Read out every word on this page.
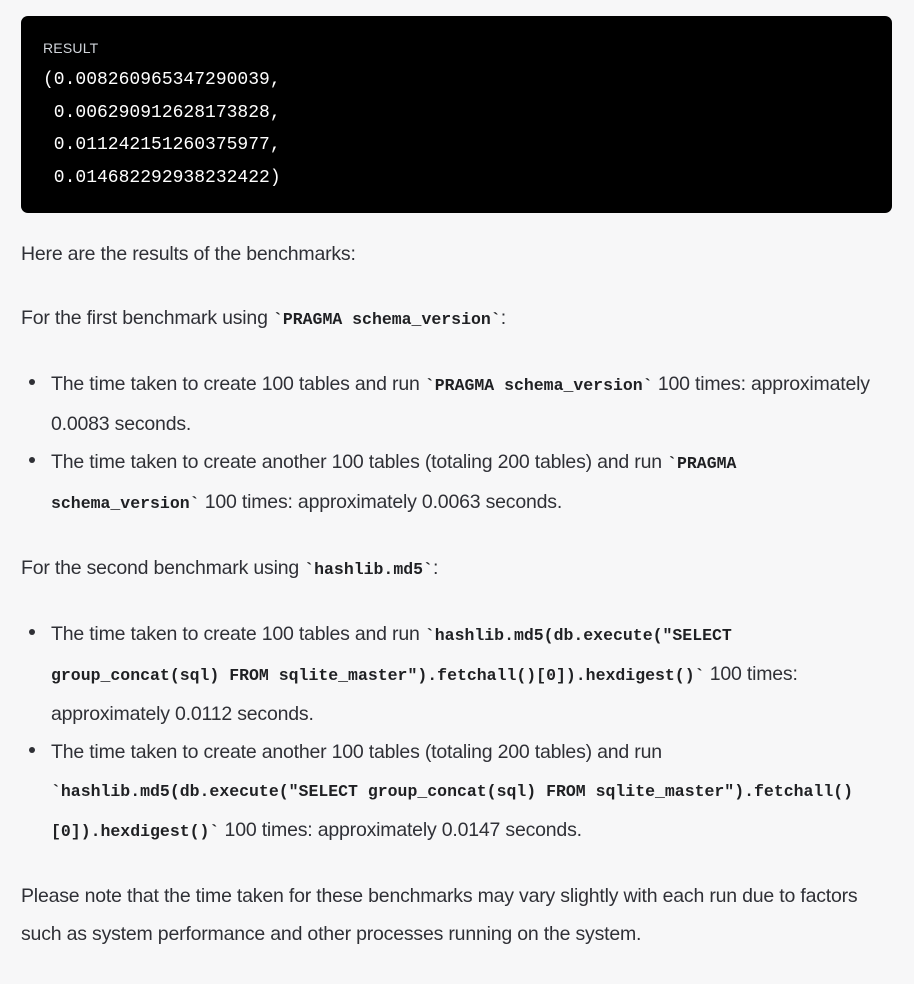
RESULT
(0.008260965347290039,
0.006290912628173828,
0.011242151260375977,
0.014682292938232422)

Here are the results of the benchmarks:

For the first benchmark using `PRAGMA schema_version`:

The time taken to create 100 tables and run `PRAGMA schema_version` 100 times: approximately 0.0083 seconds.
The time taken to create another 100 tables (totaling 200 tables) and run `PRAGMA schema_version` 100 times: approximately 0.0063 seconds.

For the second benchmark using `hashlib.md5`:

The time taken to create 100 tables and run `hashlib.md5(db.execute("SELECT group_concat(sql) FROM sqlite_master").fetchall()[0]).hexdigest()` 100 times: approximately 0.0112 seconds.
The time taken to create another 100 tables (totaling 200 tables) and run `hashlib.md5(db.execute("SELECT group_concat(sql) FROM sqlite_master").fetchall()[0]).hexdigest()` 100 times: approximately 0.0147 seconds.

Please note that the time taken for these benchmarks may vary slightly with each run due to factors such as system performance and other processes running on the system.
